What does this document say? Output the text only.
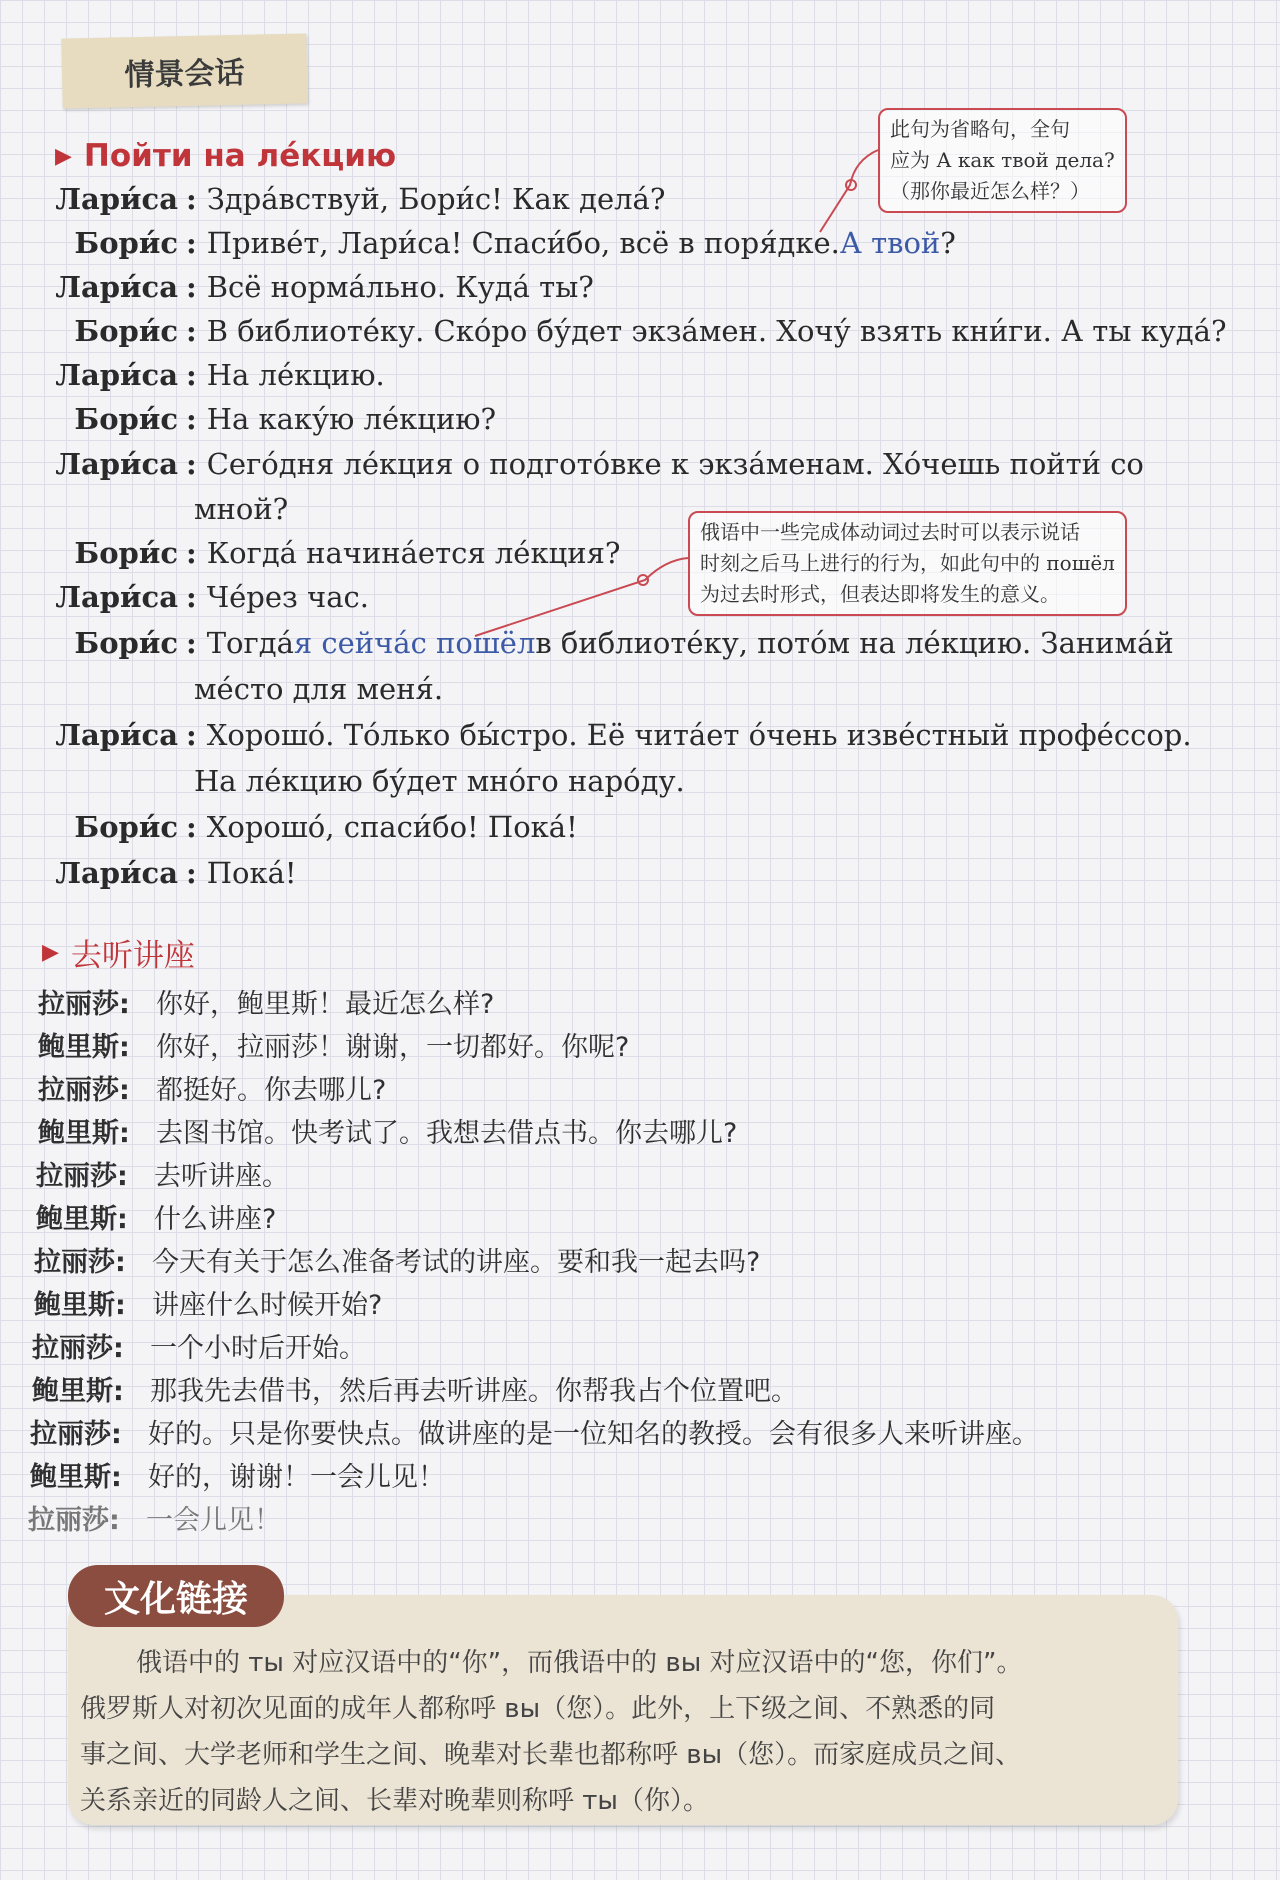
情景会话
▶ Пойти на ле́кцию
此句为省略句，全句
应为 А как твой дела?
（那你最近怎么样？）
俄语中一些完成体动词过去时可以表示说话
时刻之后马上进行的行为，如此句中的 пошёл
为过去时形式，但表达即将发生的意义。
Лари́са : Здра́вствуй, Бори́с! Как дела́?
Бори́с : Приве́т, Лари́са! Спаси́бо, всё в поря́дке. А твой ?
Лари́са : Всё норма́льно. Куда́ ты?
Бори́с : В библиоте́ку. Ско́ро бу́дет экза́мен. Хочу́ взять кни́ги. А ты куда́?
Лари́са : На ле́кцию.
Бори́с : На каку́ю ле́кцию?
Лари́са : Сего́дня ле́кция о подгото́вке к экза́менам. Хо́чешь пойти́ со
мной?
Бори́с : Когда́ начина́ется ле́кция?
Лари́са : Че́рез час.
Бори́с : Тогда́ я сейча́с пошёл в библиоте́ку, пото́м на ле́кцию. Занима́й
ме́сто для меня́.
Лари́са : Хорошо́. То́лько бы́стро. Её чита́ет о́чень изве́стный профе́ссор.
На ле́кцию бу́дет мно́го наро́ду.
Бори́с : Хорошо́, спаси́бо! Пока́!
Лари́са : Пока́!
▶ 去听讲座
拉丽莎: 你好，鲍里斯！最近怎么样?
鲍里斯: 你好，拉丽莎！谢谢，一切都好。你呢?
拉丽莎: 都挺好。你去哪儿?
鲍里斯: 去图书馆。快考试了。我想去借点书。你去哪儿?
拉丽莎: 去听讲座。
鲍里斯: 什么讲座?
拉丽莎: 今天有关于怎么准备考试的讲座。要和我一起去吗?
鲍里斯: 讲座什么时候开始?
拉丽莎: 一个小时后开始。
鲍里斯: 那我先去借书，然后再去听讲座。你帮我占个位置吧。
拉丽莎: 好的。只是你要快点。做讲座的是一位知名的教授。会有很多人来听讲座。
鲍里斯: 好的，谢谢！一会儿见！
拉丽莎: 一会儿见！
文化链接

俄语中的 ты 对应汉语中的“你”，而俄语中的 вы 对应汉语中的“您，你们”。

俄罗斯人对初次见面的成年人都称呼 вы（您）。此外，上下级之间、不熟悉的同

事之间、大学老师和学生之间、晚辈对长辈也都称呼 вы（您）。而家庭成员之间、

关系亲近的同龄人之间、长辈对晚辈则称呼 ты（你）。
